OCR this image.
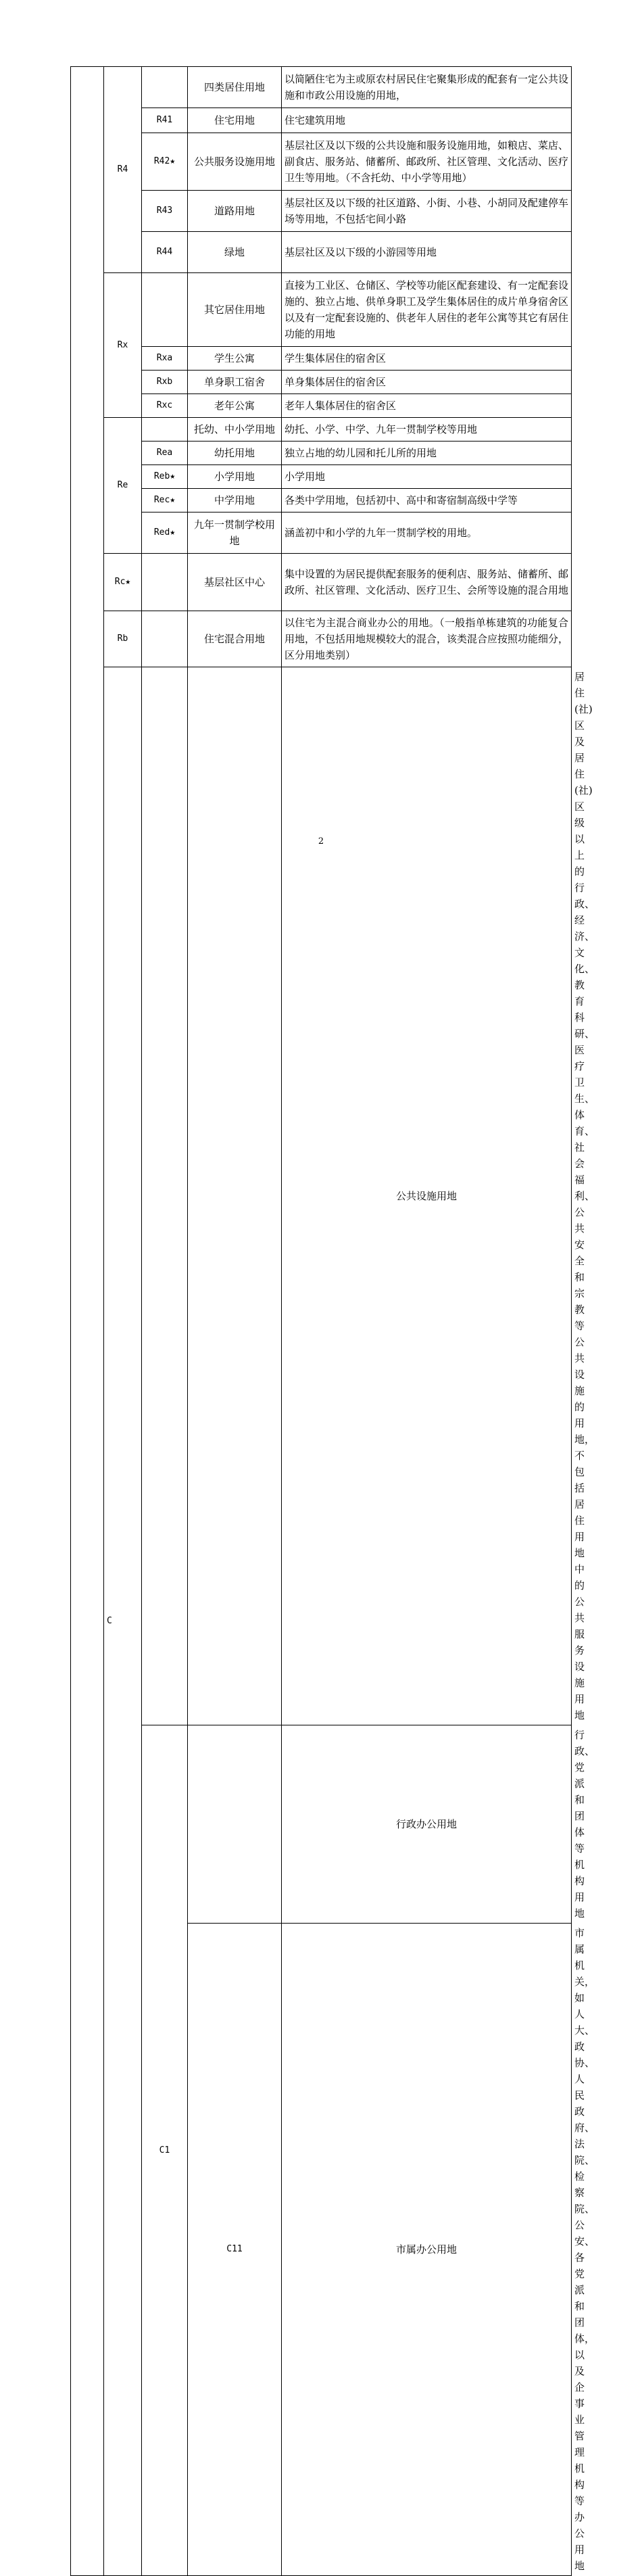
	R4		四类居住用地	以简陋住宅为主或原农村居民住宅聚集形成的配套有一定公共设施和市政公用设施的用地，	
		R41	住宅用地	住宅建筑用地	
		R42★	公共服务设施用地	基层社区及以下级的公共设施和服务设施用地，如粮店、菜店、副食店、服务站、储蓄所、邮政所、社区管理、文化活动、医疗卫生等用地。（不含托幼、中小学等用地）	
		R43	道路用地	基层社区及以下级的社区道路、小街、小巷、小胡同及配建停车场等用地，不包括宅间小路	
		R44	绿地	基层社区及以下级的小游园等用地	
	Rx		其它居住用地	直接为工业区、仓储区、学校等功能区配套建设、有一定配套设施的、独立占地、供单身职工及学生集体居住的成片单身宿舍区以及有一定配套设施的、供老年人居住的老年公寓等其它有居住功能的用地	
		Rxa	学生公寓	学生集体居住的宿舍区	
		Rxb	单身职工宿舍	单身集体居住的宿舍区	
		Rxc	老年公寓	老年人集体居住的宿舍区	
	Re		托幼、中小学用地	幼托、小学、中学、九年一贯制学校等用地	
		Rea	幼托用地	独立占地的幼儿园和托儿所的用地	
		Reb★	小学用地	小学用地	
		Rec★	中学用地	各类中学用地，包括初中、高中和寄宿制高级中学等	
		Red★	九年一贯制学校用地	涵盖初中和小学的九年一贯制学校的用地。	
	Rc★		基层社区中心	集中设置的为居民提供配套服务的便利店、服务站、储蓄所、邮政所、社区管理、文化活动、医疗卫生、会所等设施的混合用地	
	Rb		住宅混合用地	以住宅为主混合商业办公的用地。（一般指单栋建筑的功能复合用地，不包括用地规模较大的混合，该类混合应按照功能细分，区分用地类别）	
	C			公共设施用地	居住(社)区及居住(社)区级以上的行政、经济、文化、教育科研、医疗卫生、体育、社会福利、公共安全和宗教等公共设施的用地，不包括居住用地中的公共服务设施用地
		C1		行政办公用地	行政、党派和团体等机构用地
			C11	市属办公用地	市属机关，如人大、政协、人民政府、法院、检察院、公安、各党派和团体，以及企事业管理机构等办公用地
2
